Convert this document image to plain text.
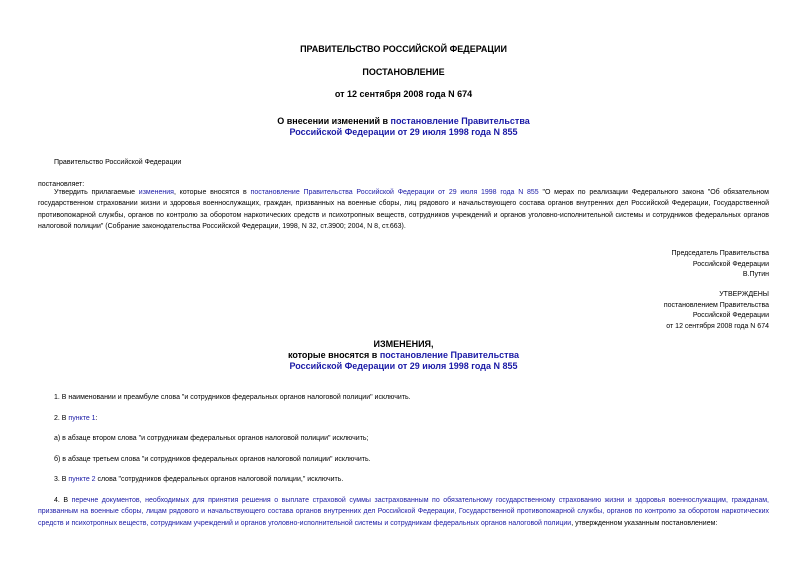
ПРАВИТЕЛЬСТВО РОССИЙСКОЙ ФЕДЕРАЦИИ
ПОСТАНОВЛЕНИЕ
от 12 сентября 2008 года N 674
О внесении изменений в постановление Правительства
Российской Федерации от 29 июля 1998 года N 855
Правительство Российской Федерации
постановляет:
Утвердить прилагаемые изменения, которые вносятся в постановление Правительства Российской Федерации от 29 июля 1998 года N 855 "О мерах по реализации Федерального закона "Об обязательном государственном страховании жизни и здоровья военнослужащих, граждан, призванных на военные сборы, лиц рядового и начальствующего состава органов внутренних дел Российской Федерации, Государственной противопожарной службы, органов по контролю за оборотом наркотических средств и психотропных веществ, сотрудников учреждений и органов уголовно-исполнительной системы и сотрудников федеральных органов налоговой полиции" (Собрание законодательства Российской Федерации, 1998, N 32, ст.3900; 2004, N 8, ст.663).
Председатель Правительства
Российской Федерации
В.Путин
УТВЕРЖДЕНЫ
постановлением Правительства
Российской Федерации
от 12 сентября 2008 года N 674
ИЗМЕНЕНИЯ,
которые вносятся в постановление Правительства
Российской Федерации от 29 июля 1998 года N 855
1. В наименовании и преамбуле слова "и сотрудников федеральных органов налоговой полиции" исключить.
2. В пункте 1:
а) в абзаце втором слова "и сотрудникам федеральных органов налоговой полиции" исключить;
б) в абзаце третьем слова "и сотрудников федеральных органов налоговой полиции" исключить.
3. В пункте 2 слова "сотрудников федеральных органов налоговой полиции," исключить.
4. В перечне документов, необходимых для принятия решения о выплате страховой суммы застрахованным по обязательному государственному страхованию жизни и здоровья военнослужащим, гражданам, призванным на военные сборы, лицам рядового и начальствующего состава органов внутренних дел Российской Федерации, Государственной противопожарной службы, органов по контролю за оборотом наркотических средств и психотропных веществ, сотрудникам учреждений и органов уголовно-исполнительной системы и сотрудникам федеральных органов налоговой полиции, утвержденном указанным постановлением:
